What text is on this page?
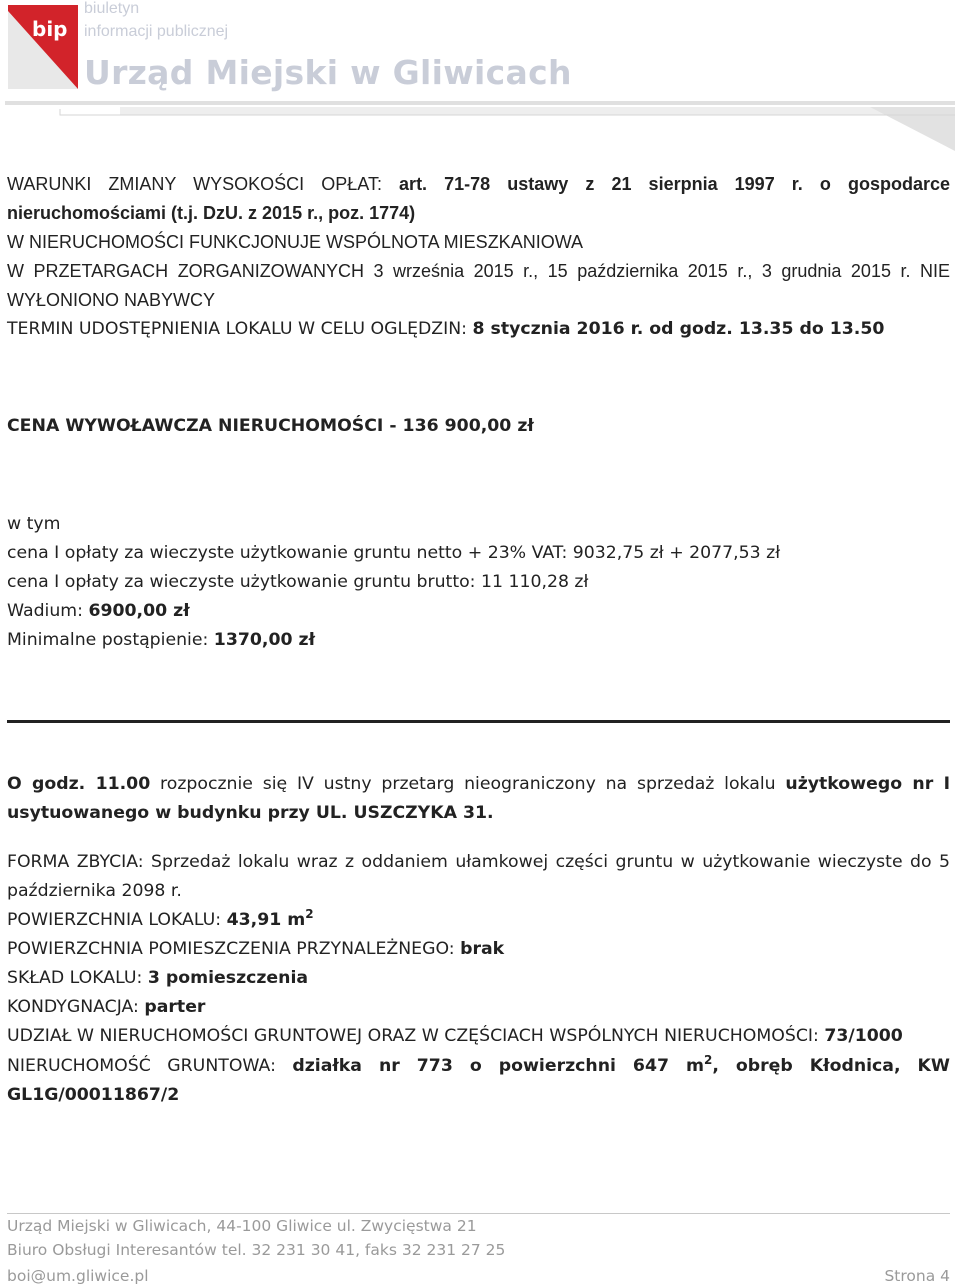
bip
biuletyn
informacji publicznej
Urząd Miejski w Gliwicach

WARUNKI ZMIANY WYSOKOŚCI OPŁAT: art. 71-78 ustawy z 21 sierpnia 1997 r. o gospodarce

nieruchomościami (t.j. DzU. z 2015 r., poz. 1774)

W NIERUCHOMOŚCI FUNKCJONUJE WSPÓLNOTA MIESZKANIOWA

W PRZETARGACH ZORGANIZOWANYCH 3 września 2015 r., 15 października 2015 r., 3 grudnia 2015 r. NIE

WYŁONIONO NABYWCY

TERMIN UDOSTĘPNIENIA LOKALU W CELU OGLĘDZIN: 8 stycznia 2016 r. od godz. 13.35 do 13.50

CENA WYWOŁAWCZA NIERUCHOMOŚCI - 136 900,00 zł

w tym

cena I opłaty za wieczyste użytkowanie gruntu netto + 23% VAT: 9032,75 zł + 2077,53 zł

cena I opłaty za wieczyste użytkowanie gruntu brutto: 11 110,28 zł

Wadium: 6900,00 zł

Minimalne postąpienie: 1370,00 zł

O godz. 11.00 rozpocznie się IV ustny przetarg nieograniczony na sprzedaż lokalu użytkowego nr I

usytuowanego w budynku przy UL. USZCZYKA 31.

FORMA ZBYCIA: Sprzedaż lokalu wraz z oddaniem ułamkowej części gruntu w użytkowanie wieczyste do 5

października 2098 r.

POWIERZCHNIA LOKALU: 43,91 $m^2$

POWIERZCHNIA POMIESZCZENIA PRZYNALEŻNEGO: brak

SKŁAD LOKALU: 3 pomieszczenia

KONDYGNACJA: parter

UDZIAŁ W NIERUCHOMOŚCI GRUNTOWEJ ORAZ W CZĘŚCIACH WSPÓLNYCH NIERUCHOMOŚCI: 73/1000

NIERUCHOMOŚĆ GRUNTOWA: działka nr 773 o powierzchni 647 $m^2$, obręb Kłodnica, KW

GL1G/00011867/2

Urząd Miejski w Gliwicach, 44-100 Gliwice ul. Zwycięstwa 21

Biuro Obsługi Interesantów tel. 32 231 30 41, faks 32 231 27 25

boi@um.gliwice.pl	Strona 4
